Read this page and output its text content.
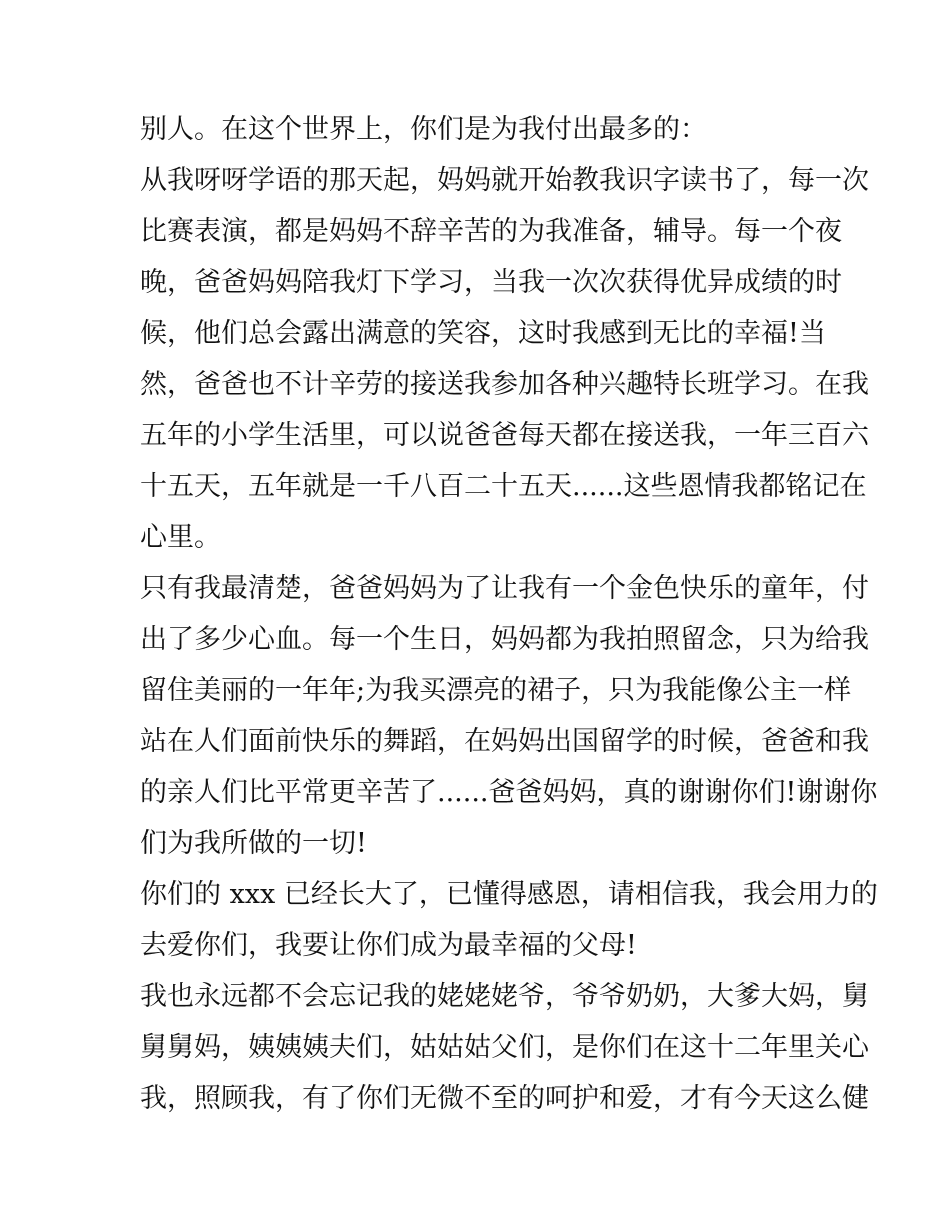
别人。在这个世界上，你们是为我付出最多的：
从我呀呀学语的那天起，妈妈就开始教我识字读书了，每一次
比赛表演，都是妈妈不辞辛苦的为我准备，辅导。每一个夜
晚，爸爸妈妈陪我灯下学习，当我一次次获得优异成绩的时
候，他们总会露出满意的笑容，这时我感到无比的幸福!当
然，爸爸也不计辛劳的接送我参加各种兴趣特长班学习。在我
五年的小学生活里，可以说爸爸每天都在接送我，一年三百六
十五天，五年就是一千八百二十五天......这些恩情我都铭记在
心里。
只有我最清楚，爸爸妈妈为了让我有一个金色快乐的童年，付
出了多少心血。每一个生日，妈妈都为我拍照留念，只为给我
留住美丽的一年年;为我买漂亮的裙子，只为我能像公主一样
站在人们面前快乐的舞蹈，在妈妈出国留学的时候，爸爸和我
的亲人们比平常更辛苦了......爸爸妈妈，真的谢谢你们!谢谢你
们为我所做的一切!
你们的 xxx 已经长大了，已懂得感恩，请相信我，我会用力的
去爱你们，我要让你们成为最幸福的父母!
我也永远都不会忘记我的姥姥姥爷，爷爷奶奶，大爹大妈，舅
舅舅妈，姨姨姨夫们，姑姑姑父们，是你们在这十二年里关心
我，照顾我，有了你们无微不至的呵护和爱，才有今天这么健
